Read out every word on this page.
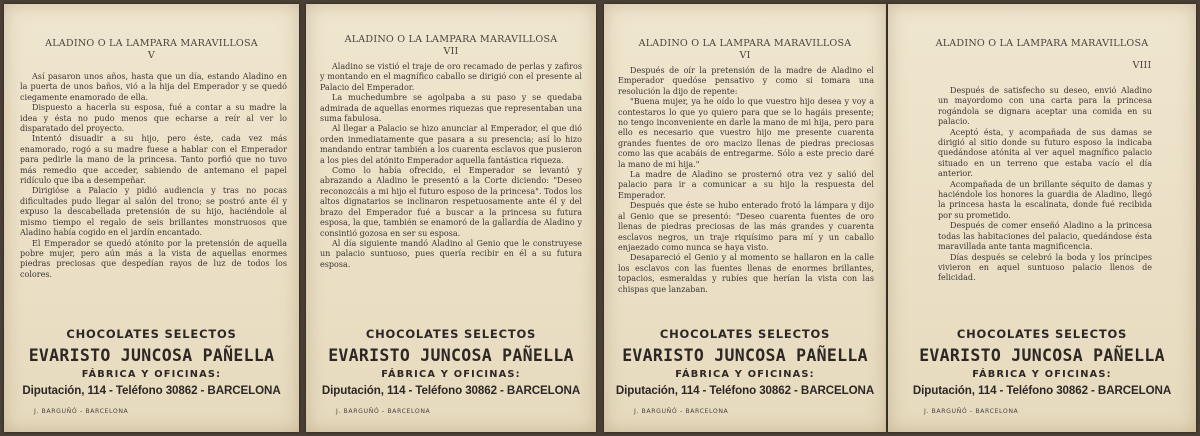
ALADINO O LA LAMPARA MARAVILLOSA
V

Así pasaron unos años, hasta que un día, estando Aladino en la puerta de unos baños, vió a la hija del Emperador y se quedó ciegamente enamorado de ella.

Dispuesto a hacerla su esposa, fué a contar a su madre la idea y ésta no pudo menos que echarse a reír al ver lo disparatado del proyecto.

Intentó disuadir a su hijo, pero éste, cada vez más enamorado, rogó a su madre fuese a hablar con el Emperador para pedirle la mano de la princesa. Tanto porfió que no tuvo más remedio que acceder, sabiendo de antemano el papel ridículo que iba a desempeñar.

Dirigióse a Palacio y pidió audiencia y tras no pocas dificultades pudo llegar al salón del trono; se postró ante él y expuso la descabellada pretensión de su hijo, haciéndole al mismo tiempo el regalo de seis brillantes monstruosos que Aladino había cogido en el jardín encantado.

El Emperador se quedó atónito por la pretensión de aquella pobre mujer, pero aún más a la vista de aquellas enormes piedras preciosas que despedían rayos de luz de todos los colores.

CHOCOLATES SELECTOS
EVARISTO JUNCOSA PAÑELLA
FÁBRICA Y OFICINAS:
Diputación, 114 - Teléfono 30862 - BARCELONA
J. BARGUÑÓ - BARCELONA
ALADINO O LA LAMPARA MARAVILLOSA
VII

Aladino se vistió el traje de oro recamado de perlas y zafiros y montando en el magnífico caballo se dirigió con el presente al Palacio del Emperador.

La muchedumbre se agolpaba a su paso y se quedaba admirada de aquellas enormes riquezas que representaban una suma fabulosa.

Al llegar a Palacio se hizo anunciar al Emperador, el que dió orden inmediatamente que pasara a su presencia; así lo hizo mandando entrar también a los cuarenta esclavos que pusieron a los pies del atónito Emperador aquella fantástica riqueza.

Como lo había ofrecido, el Emperador se levantó y abrazando a Aladino le presentó a la Corte diciendo: "Deseo reconozcáis a mi hijo el futuro esposo de la princesa". Todos los altos dignatarios se inclinaron respetuosamente ante él y del brazo del Emperador fué a buscar a la princesa su futura esposa, la que, también se enamoró de la gallardía de Aladino y consintió gozosa en ser su esposa.

Al día siguiente mandó Aladino al Genio que le construyese un palacio suntuoso, pues quería recibir en él a su futura esposa.

CHOCOLATES SELECTOS
EVARISTO JUNCOSA PAÑELLA
FÁBRICA Y OFICINAS:
Diputación, 114 - Teléfono 30862 - BARCELONA
J. BARGUÑÓ - BARCELONA
ALADINO O LA LAMPARA MARAVILLOSA
VI

Después de oír la pretensión de la madre de Aladino el Emperador quedóse pensativo y como si tomara una resolución la dijo de repente:

"Buena mujer, ya he oído lo que vuestro hijo desea y voy a contestaros lo que yo quiero para que se lo hagáis presente; no tengo inconveniente en darle la mano de mi hija, pero para ello es necesario que vuestro hijo me presente cuarenta grandes fuentes de oro macizo llenas de piedras preciosas como las que acabáis de entregarme. Sólo a este precio daré la mano de mi hija."

La madre de Aladino se prosternó otra vez y salió del palacio para ir a comunicar a su hijo la respuesta del Emperador.

Después que éste se hubo enterado frotó la lámpara y dijo al Genio que se presentó: "Deseo cuarenta fuentes de oro llenas de piedras preciosas de las más grandes y cuarenta esclavos negros, un traje riquísimo para mí y un caballo enjaezado como nunca se haya visto.

Desapareció el Genio y al momento se hallaron en la calle los esclavos con las fuentes llenas de enormes brillantes, topacios, esmeraldas y rubíes que herían la vista con las chispas que lanzaban.

CHOCOLATES SELECTOS
EVARISTO JUNCOSA PAÑELLA
FÁBRICA Y OFICINAS:
Diputación, 114 - Teléfono 30862 - BARCELONA
J. BARGUÑÓ - BARCELONA
ALADINO O LA LAMPARA MARAVILLOSA
VIII

Después de satisfecho su deseo, envió Aladino un mayordomo con una carta para la princesa rogándola se dignara aceptar una comida en su palacio.

Aceptó ésta, y acompañada de sus damas se dirigió al sitio donde su futuro esposo la indicaba quedándose atónita al ver aquel magnífico palacio situado en un terreno que estaba vacío el día anterior.

Acompañada de un brillante séquito de damas y haciéndole los honores la guardia de Aladino, llegó la princesa hasta la escalinata, donde fué recibida por su prometido.

Después de comer enseñó Aladino a la princesa todas las habitaciones del palacio, quedándose ésta maravillada ante tanta magnificencia.

Días después se celebró la boda y los príncipes vivieron en aquel suntuoso palacio llenos de felicidad.

CHOCOLATES SELECTOS
EVARISTO JUNCOSA PAÑELLA
FÁBRICA Y OFICINAS:
Diputación, 114 - Teléfono 30862 - BARCELONA
J. BARGUÑÓ - BARCELONA
